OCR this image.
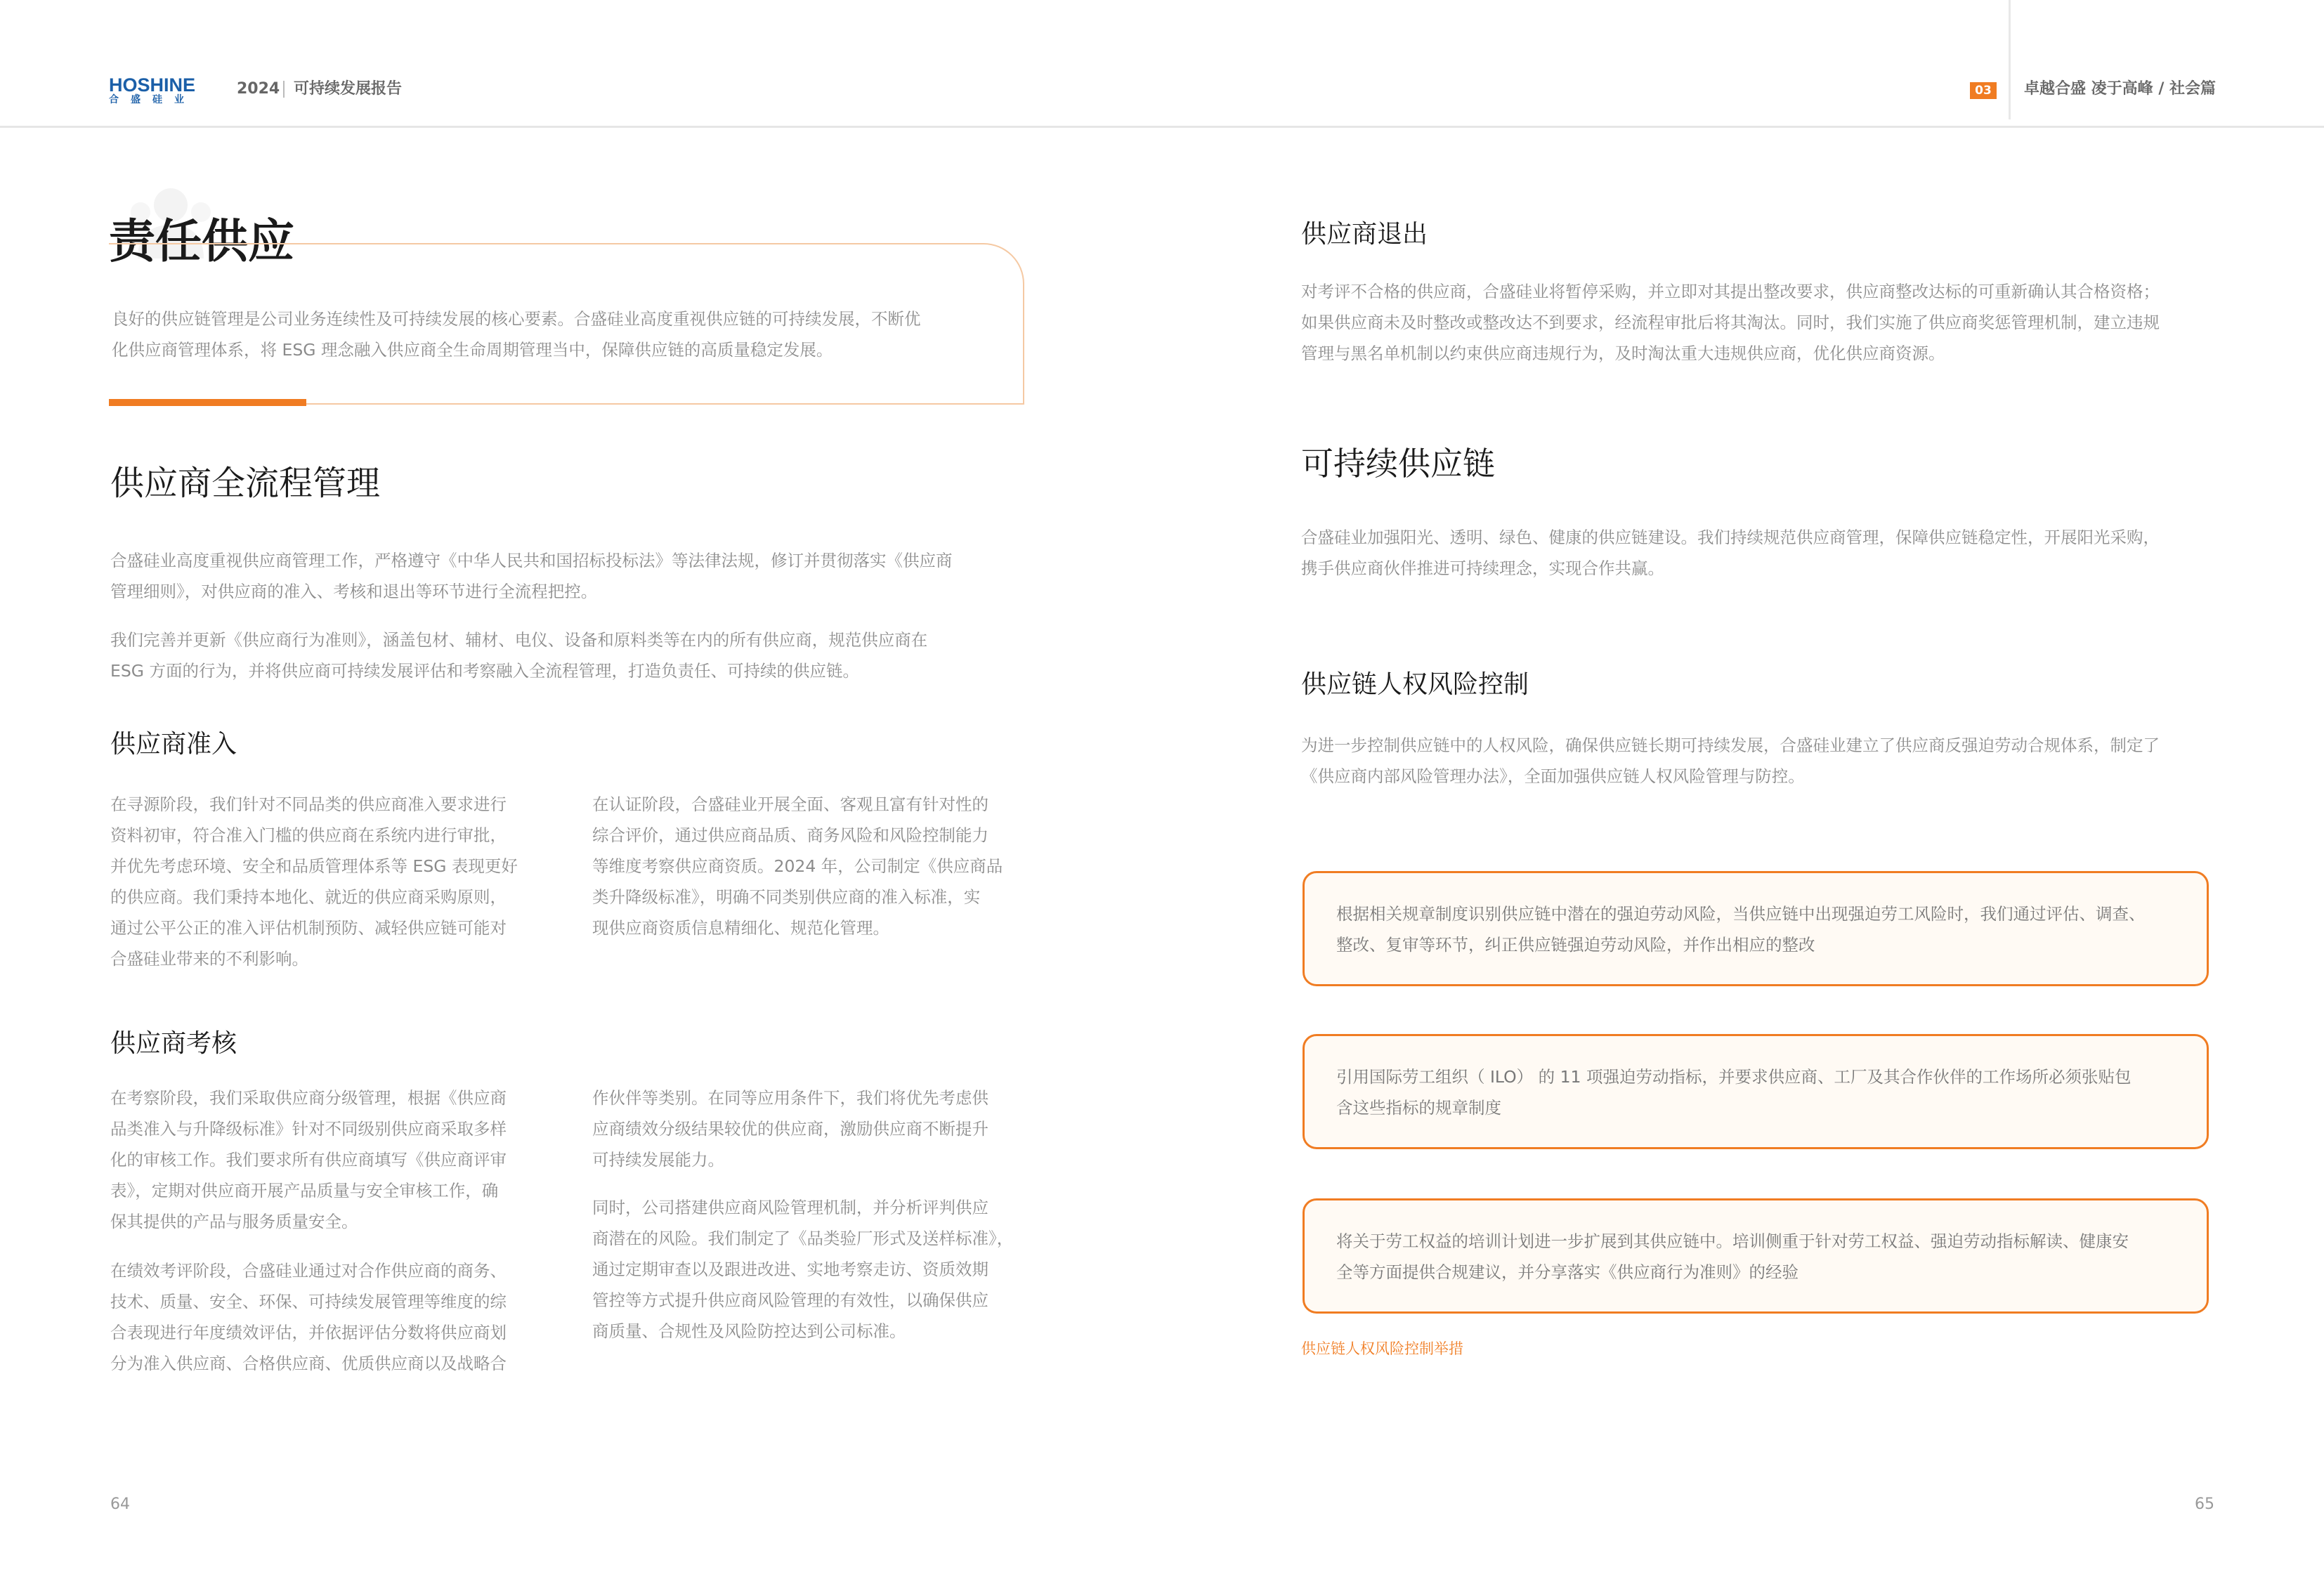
HOSHINE
合盛硅业
2024 可持续发展报告	03	卓越合盛 凌于高峰 / 社会篇
责任供应
良好的供应链管理是公司业务连续性及可持续发展的核心要素。合盛硅业高度重视供应链的可持续发展，不断优
化供应商管理体系，将 ESG 理念融入供应商全生命周期管理当中，保障供应链的高质量稳定发展。
供应商全流程管理
合盛硅业高度重视供应商管理工作，严格遵守《中华人民共和国招标投标法》等法律法规，修订并贯彻落实《供应商
管理细则》，对供应商的准入、考核和退出等环节进行全流程把控。
我们完善并更新《供应商行为准则》，涵盖包材、辅材、电仪、设备和原料类等在内的所有供应商，规范供应商在
ESG 方面的行为，并将供应商可持续发展评估和考察融入全流程管理，打造负责任、可持续的供应链。
供应商准入
在寻源阶段，我们针对不同品类的供应商准入要求进行
资料初审，符合准入门槛的供应商在系统内进行审批，
并优先考虑环境、安全和品质管理体系等 ESG 表现更好
的供应商。我们秉持本地化、就近的供应商采购原则，
通过公平公正的准入评估机制预防、减轻供应链可能对
合盛硅业带来的不利影响。
在认证阶段，合盛硅业开展全面、客观且富有针对性的
综合评价，通过供应商品质、商务风险和风险控制能力
等维度考察供应商资质。2024 年，公司制定《供应商品
类升降级标准》，明确不同类别供应商的准入标准，实
现供应商资质信息精细化、规范化管理。
供应商考核
在考察阶段，我们采取供应商分级管理，根据《供应商
品类准入与升降级标准》针对不同级别供应商采取多样
化的审核工作。我们要求所有供应商填写《供应商评审
表》，定期对供应商开展产品质量与安全审核工作，确
保其提供的产品与服务质量安全。
在绩效考评阶段，合盛硅业通过对合作供应商的商务、
技术、质量、安全、环保、可持续发展管理等维度的综
合表现进行年度绩效评估，并依据评估分数将供应商划
分为准入供应商、合格供应商、优质供应商以及战略合
作伙伴等类别。在同等应用条件下，我们将优先考虑供
应商绩效分级结果较优的供应商，激励供应商不断提升
可持续发展能力。
同时，公司搭建供应商风险管理机制，并分析评判供应
商潜在的风险。我们制定了《品类验厂形式及送样标准》，
通过定期审查以及跟进改进、实地考察走访、资质效期
管控等方式提升供应商风险管理的有效性，以确保供应
商质量、合规性及风险防控达到公司标准。
64
供应商退出
对考评不合格的供应商，合盛硅业将暂停采购，并立即对其提出整改要求，供应商整改达标的可重新确认其合格资格；
如果供应商未及时整改或整改达不到要求，经流程审批后将其淘汰。同时，我们实施了供应商奖惩管理机制，建立违规
管理与黑名单机制以约束供应商违规行为，及时淘汰重大违规供应商，优化供应商资源。
可持续供应链
合盛硅业加强阳光、透明、绿色、健康的供应链建设。我们持续规范供应商管理，保障供应链稳定性，开展阳光采购，
携手供应商伙伴推进可持续理念，实现合作共赢。
供应链人权风险控制
为进一步控制供应链中的人权风险，确保供应链长期可持续发展，合盛硅业建立了供应商反强迫劳动合规体系，制定了
《供应商内部风险管理办法》，全面加强供应链人权风险管理与防控。
根据相关规章制度识别供应链中潜在的强迫劳动风险，当供应链中出现强迫劳工风险时，我们通过评估、调查、
整改、复审等环节，纠正供应链强迫劳动风险，并作出相应的整改
引用国际劳工组织（ ILO） 的 11 项强迫劳动指标，并要求供应商、工厂及其合作伙伴的工作场所必须张贴包
含这些指标的规章制度
将关于劳工权益的培训计划进一步扩展到其供应链中。培训侧重于针对劳工权益、强迫劳动指标解读、健康安
全等方面提供合规建议，并分享落实《供应商行为准则》的经验
供应链人权风险控制举措
65
